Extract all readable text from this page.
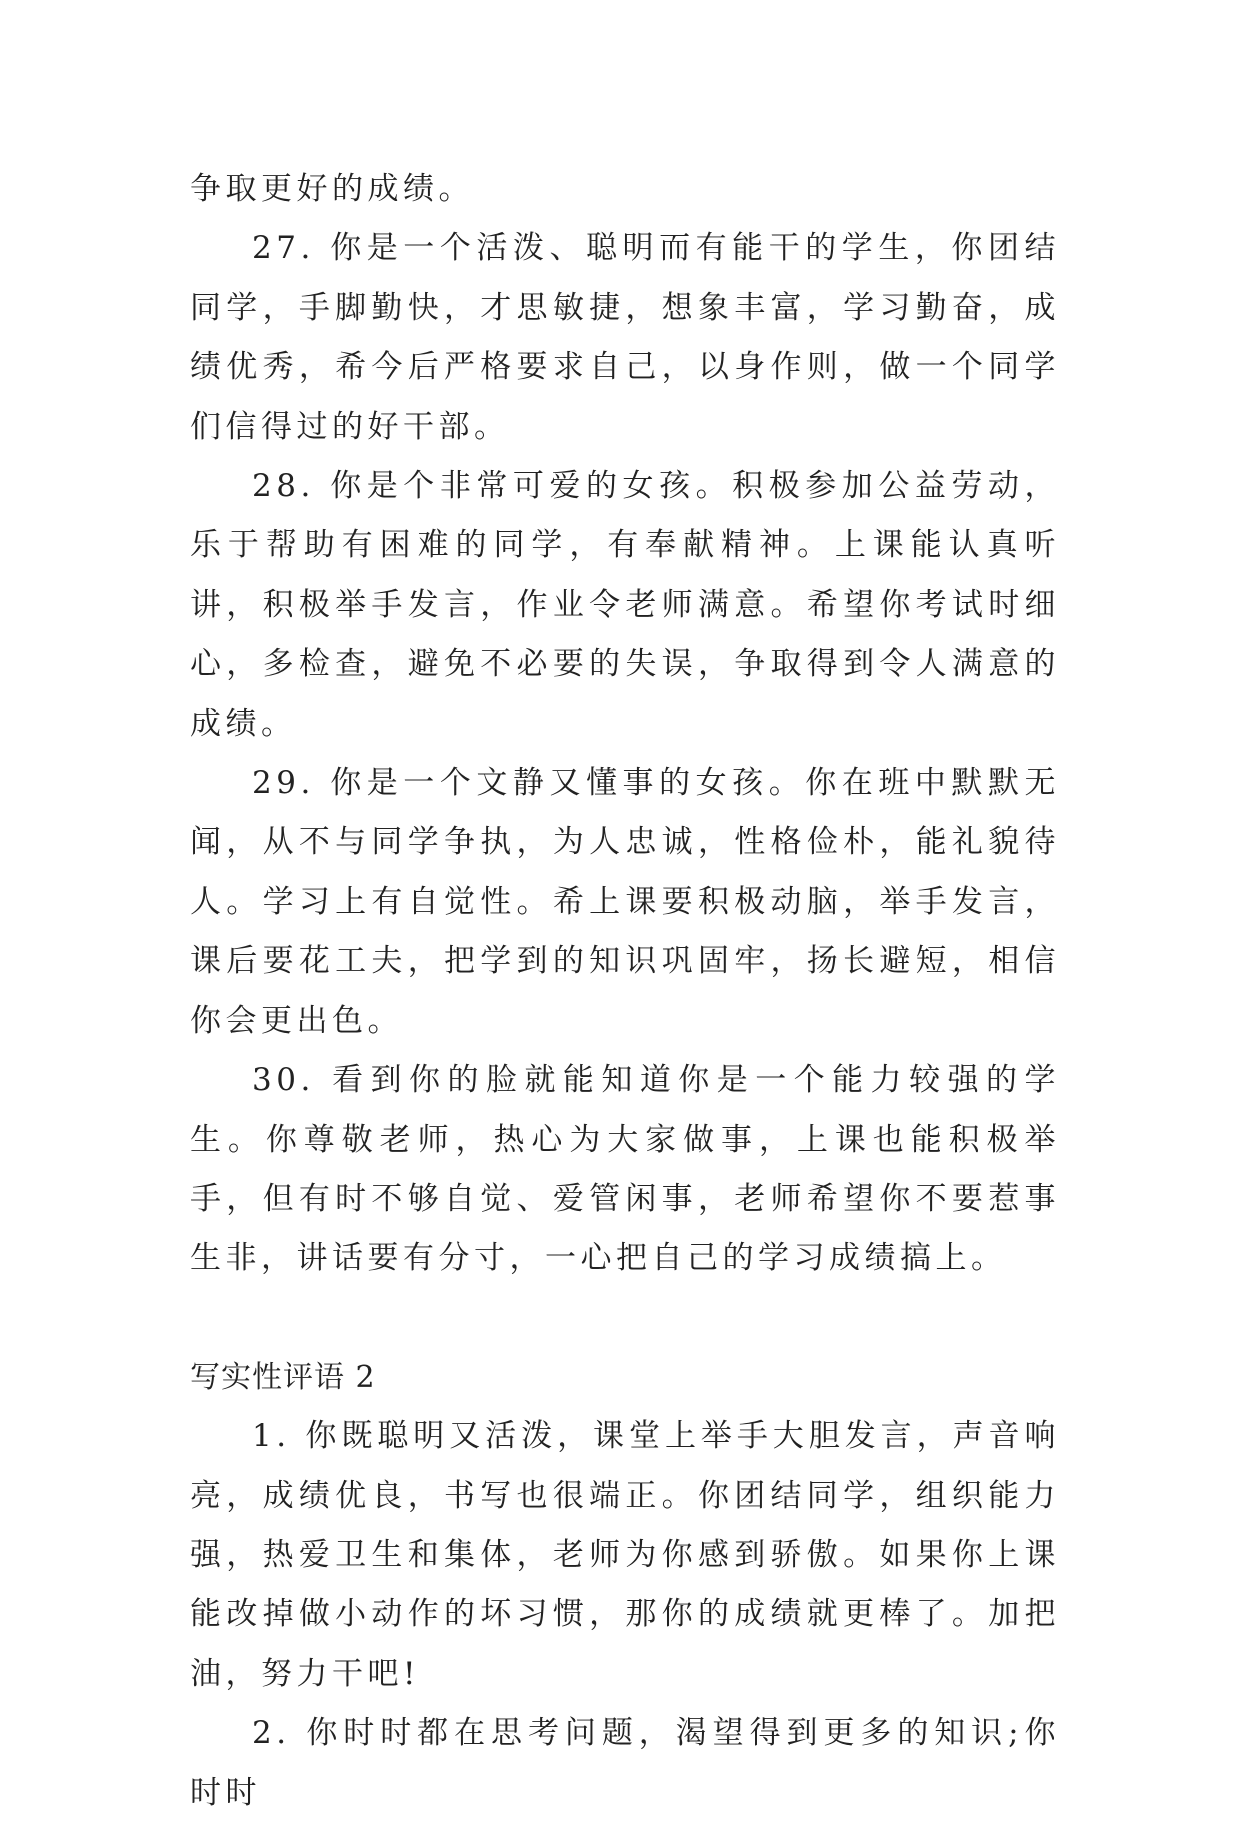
争取更好的成绩。

27. 你是一个活泼、聪明而有能干的学生，你团结同学，手脚勤快，才思敏捷，想象丰富，学习勤奋，成绩优秀，希今后严格要求自己，以身作则，做一个同学们信得过的好干部。

28. 你是个非常可爱的女孩。积极参加公益劳动，乐于帮助有困难的同学，有奉献精神。上课能认真听讲，积极举手发言，作业令老师满意。希望你考试时细心，多检查，避免不必要的失误，争取得到令人满意的成绩。

29. 你是一个文静又懂事的女孩。你在班中默默无闻，从不与同学争执，为人忠诚，性格俭朴，能礼貌待人。学习上有自觉性。希上课要积极动脑，举手发言，课后要花工夫，把学到的知识巩固牢，扬长避短，相信你会更出色。

30. 看到你的脸就能知道你是一个能力较强的学生。你尊敬老师，热心为大家做事，上课也能积极举手，但有时不够自觉、爱管闲事，老师希望你不要惹事生非，讲话要有分寸，一心把自己的学习成绩搞上。

写实性评语 2

1. 你既聪明又活泼，课堂上举手大胆发言，声音响亮，成绩优良，书写也很端正。你团结同学，组织能力强，热爱卫生和集体，老师为你感到骄傲。如果你上课能改掉做小动作的坏习惯，那你的成绩就更棒了。加把油，努力干吧!

2. 你时时都在思考问题，渴望得到更多的知识;你时时
